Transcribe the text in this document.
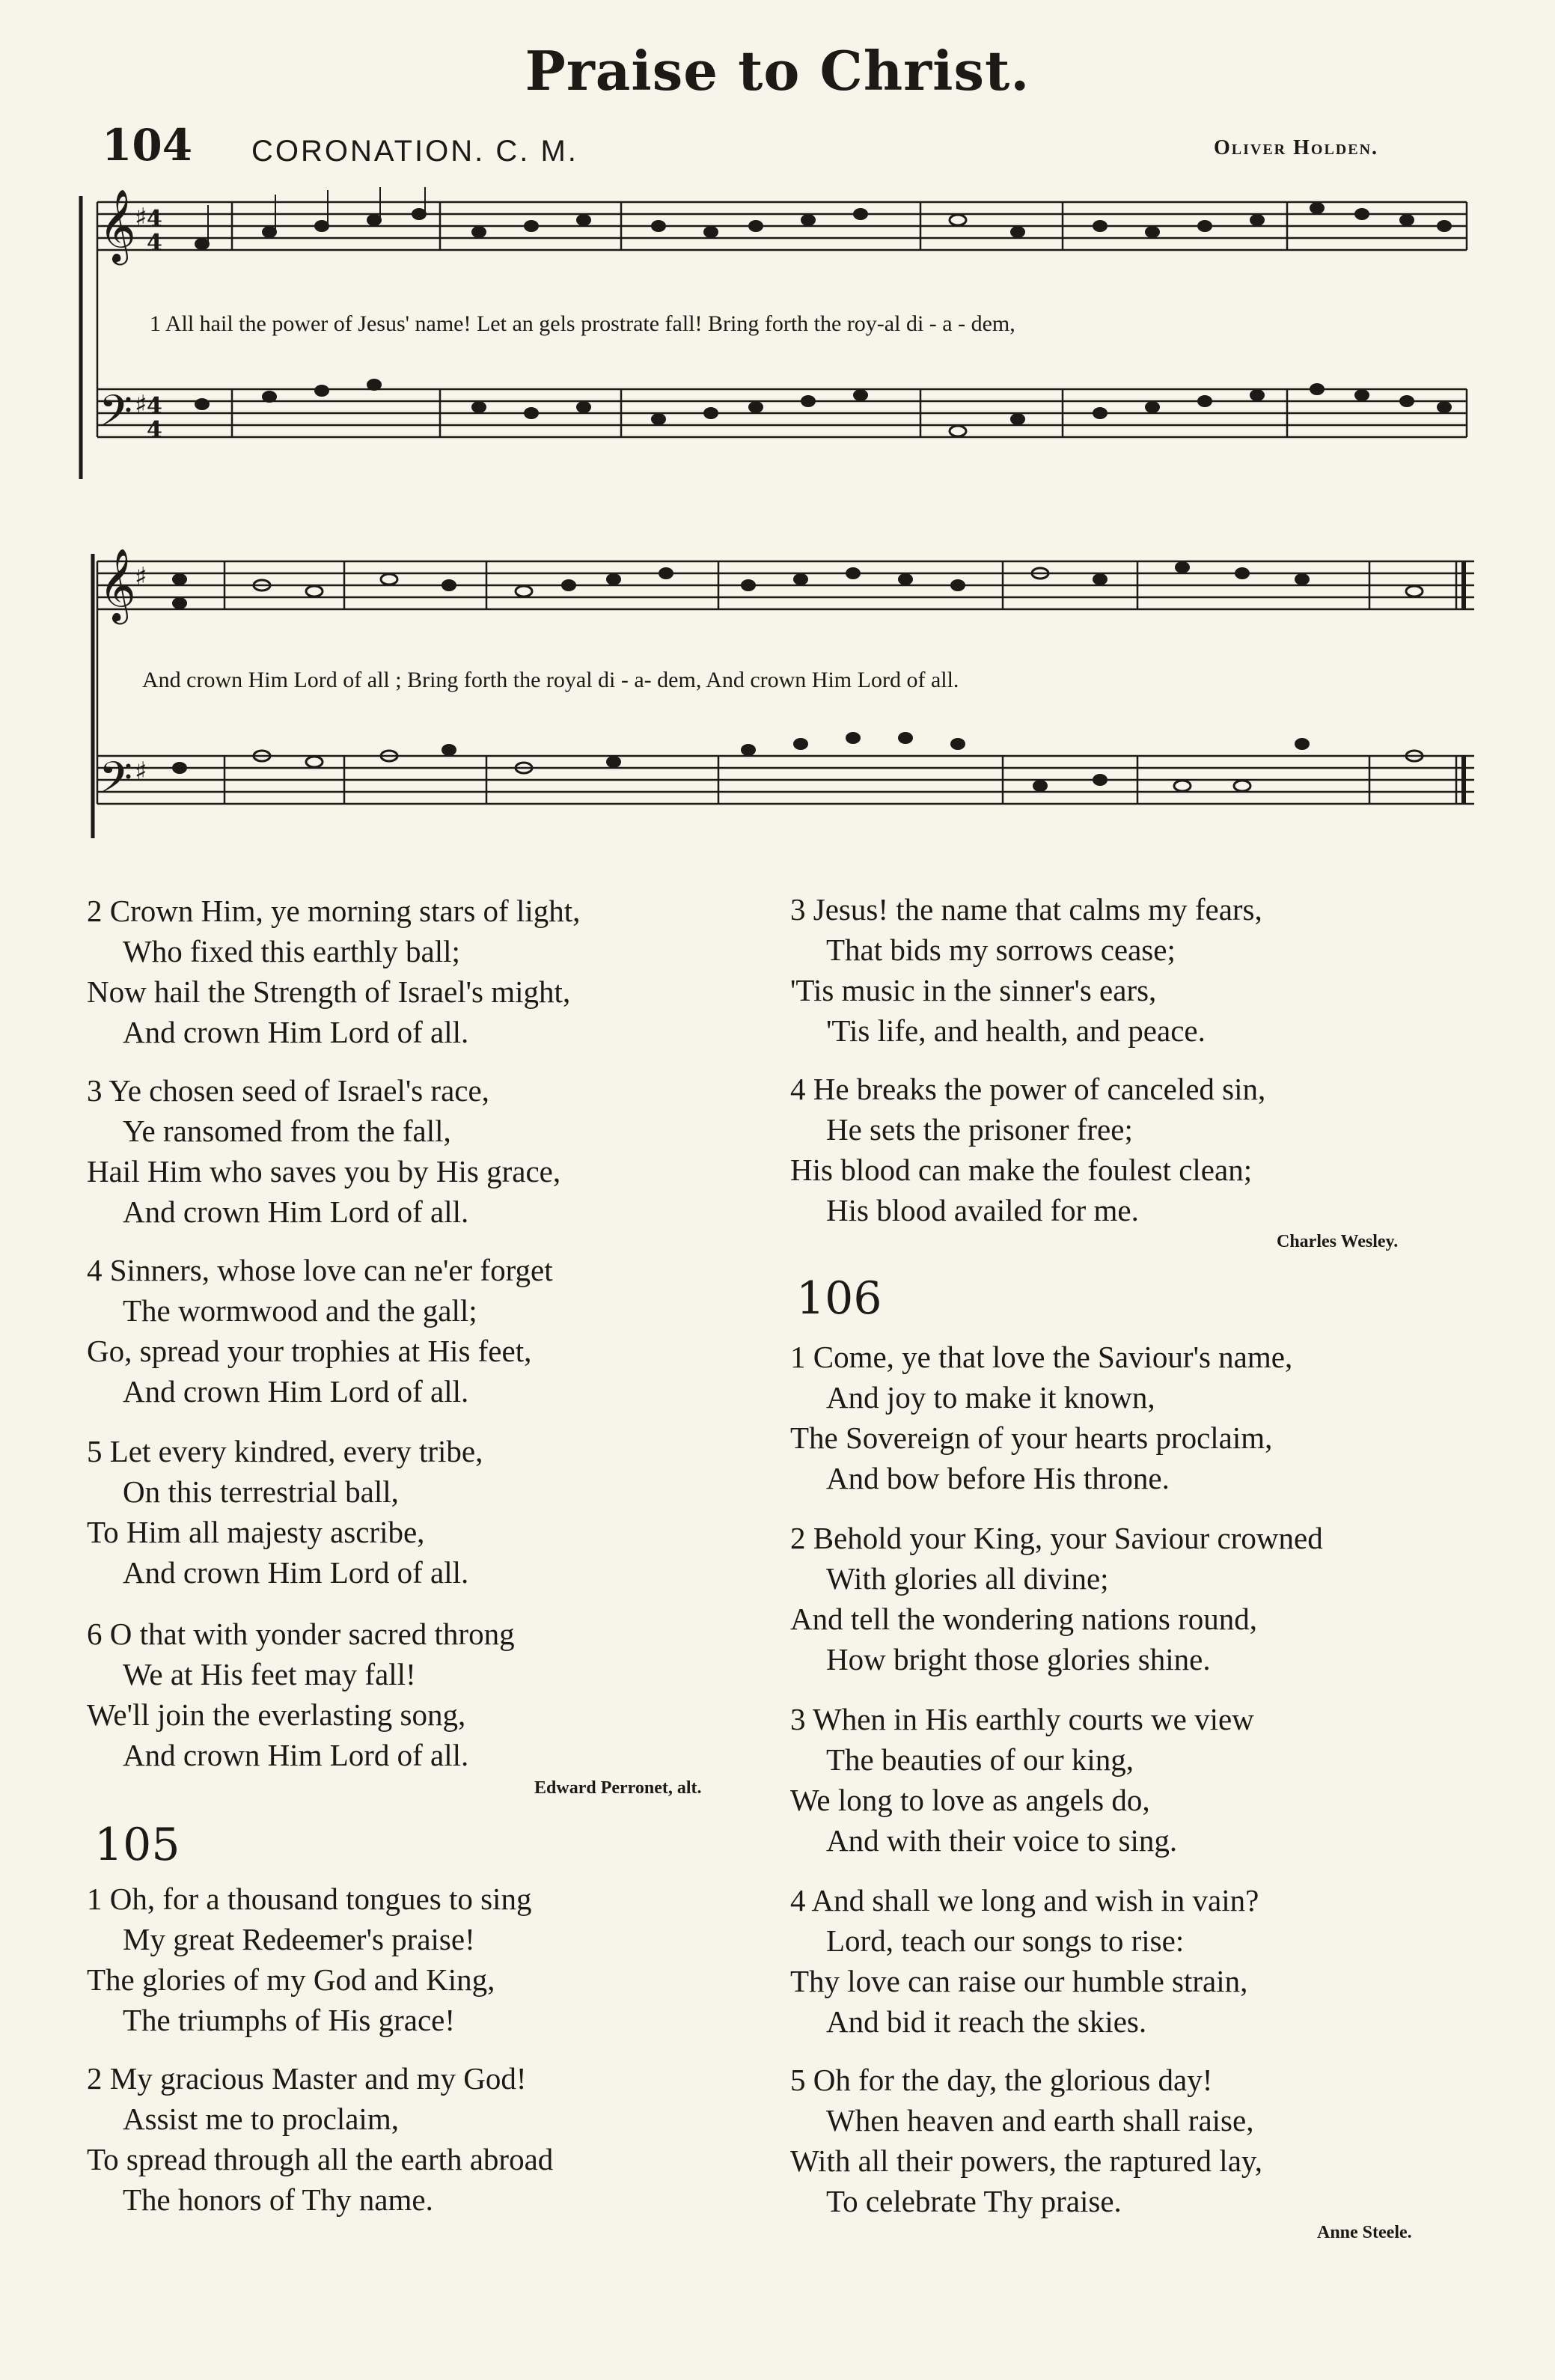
Praise to Christ.
104 CORONATION. C. M.	Oliver Holden.
𝄞
𝄢
♯ 4
4
♯ 4
4
1 All hail the power of Jesus' name! Let an gels prostrate fall! Bring forth the roy-al di - a - dem,
𝄞
𝄢
♯
♯
And crown Him Lord of all ; Bring forth the royal di - a- dem, And crown Him Lord of all.
2 Crown Him, ye morning stars of light,
Who fixed this earthly ball;
Now hail the Strength of Israel's might,
And crown Him Lord of all.
3 Ye chosen seed of Israel's race,
Ye ransomed from the fall,
Hail Him who saves you by His grace,
And crown Him Lord of all.
4 Sinners, whose love can ne'er forget
The wormwood and the gall;
Go, spread your trophies at His feet,
And crown Him Lord of all.
5 Let every kindred, every tribe,
On this terrestrial ball,
To Him all majesty ascribe,
And crown Him Lord of all.
6 O that with yonder sacred throng
We at His feet may fall!
We'll join the everlasting song,
And crown Him Lord of all.
Edward Perronet, alt.
105
1 Oh, for a thousand tongues to sing
My great Redeemer's praise!
The glories of my God and King,
The triumphs of His grace!
2 My gracious Master and my God!
Assist me to proclaim,
To spread through all the earth abroad
The honors of Thy name.
3 Jesus! the name that calms my fears,
That bids my sorrows cease;
'Tis music in the sinner's ears,
'Tis life, and health, and peace.
4 He breaks the power of canceled sin,
He sets the prisoner free;
His blood can make the foulest clean;
His blood availed for me.
Charles Wesley.
106
1 Come, ye that love the Saviour's name,
And joy to make it known,
The Sovereign of your hearts proclaim,
And bow before His throne.
2 Behold your King, your Saviour crowned
With glories all divine;
And tell the wondering nations round,
How bright those glories shine.
3 When in His earthly courts we view
The beauties of our king,
We long to love as angels do,
And with their voice to sing.
4 And shall we long and wish in vain?
Lord, teach our songs to rise:
Thy love can raise our humble strain,
And bid it reach the skies.
5 Oh for the day, the glorious day!
When heaven and earth shall raise,
With all their powers, the raptured lay,
To celebrate Thy praise.
Anne Steele.
